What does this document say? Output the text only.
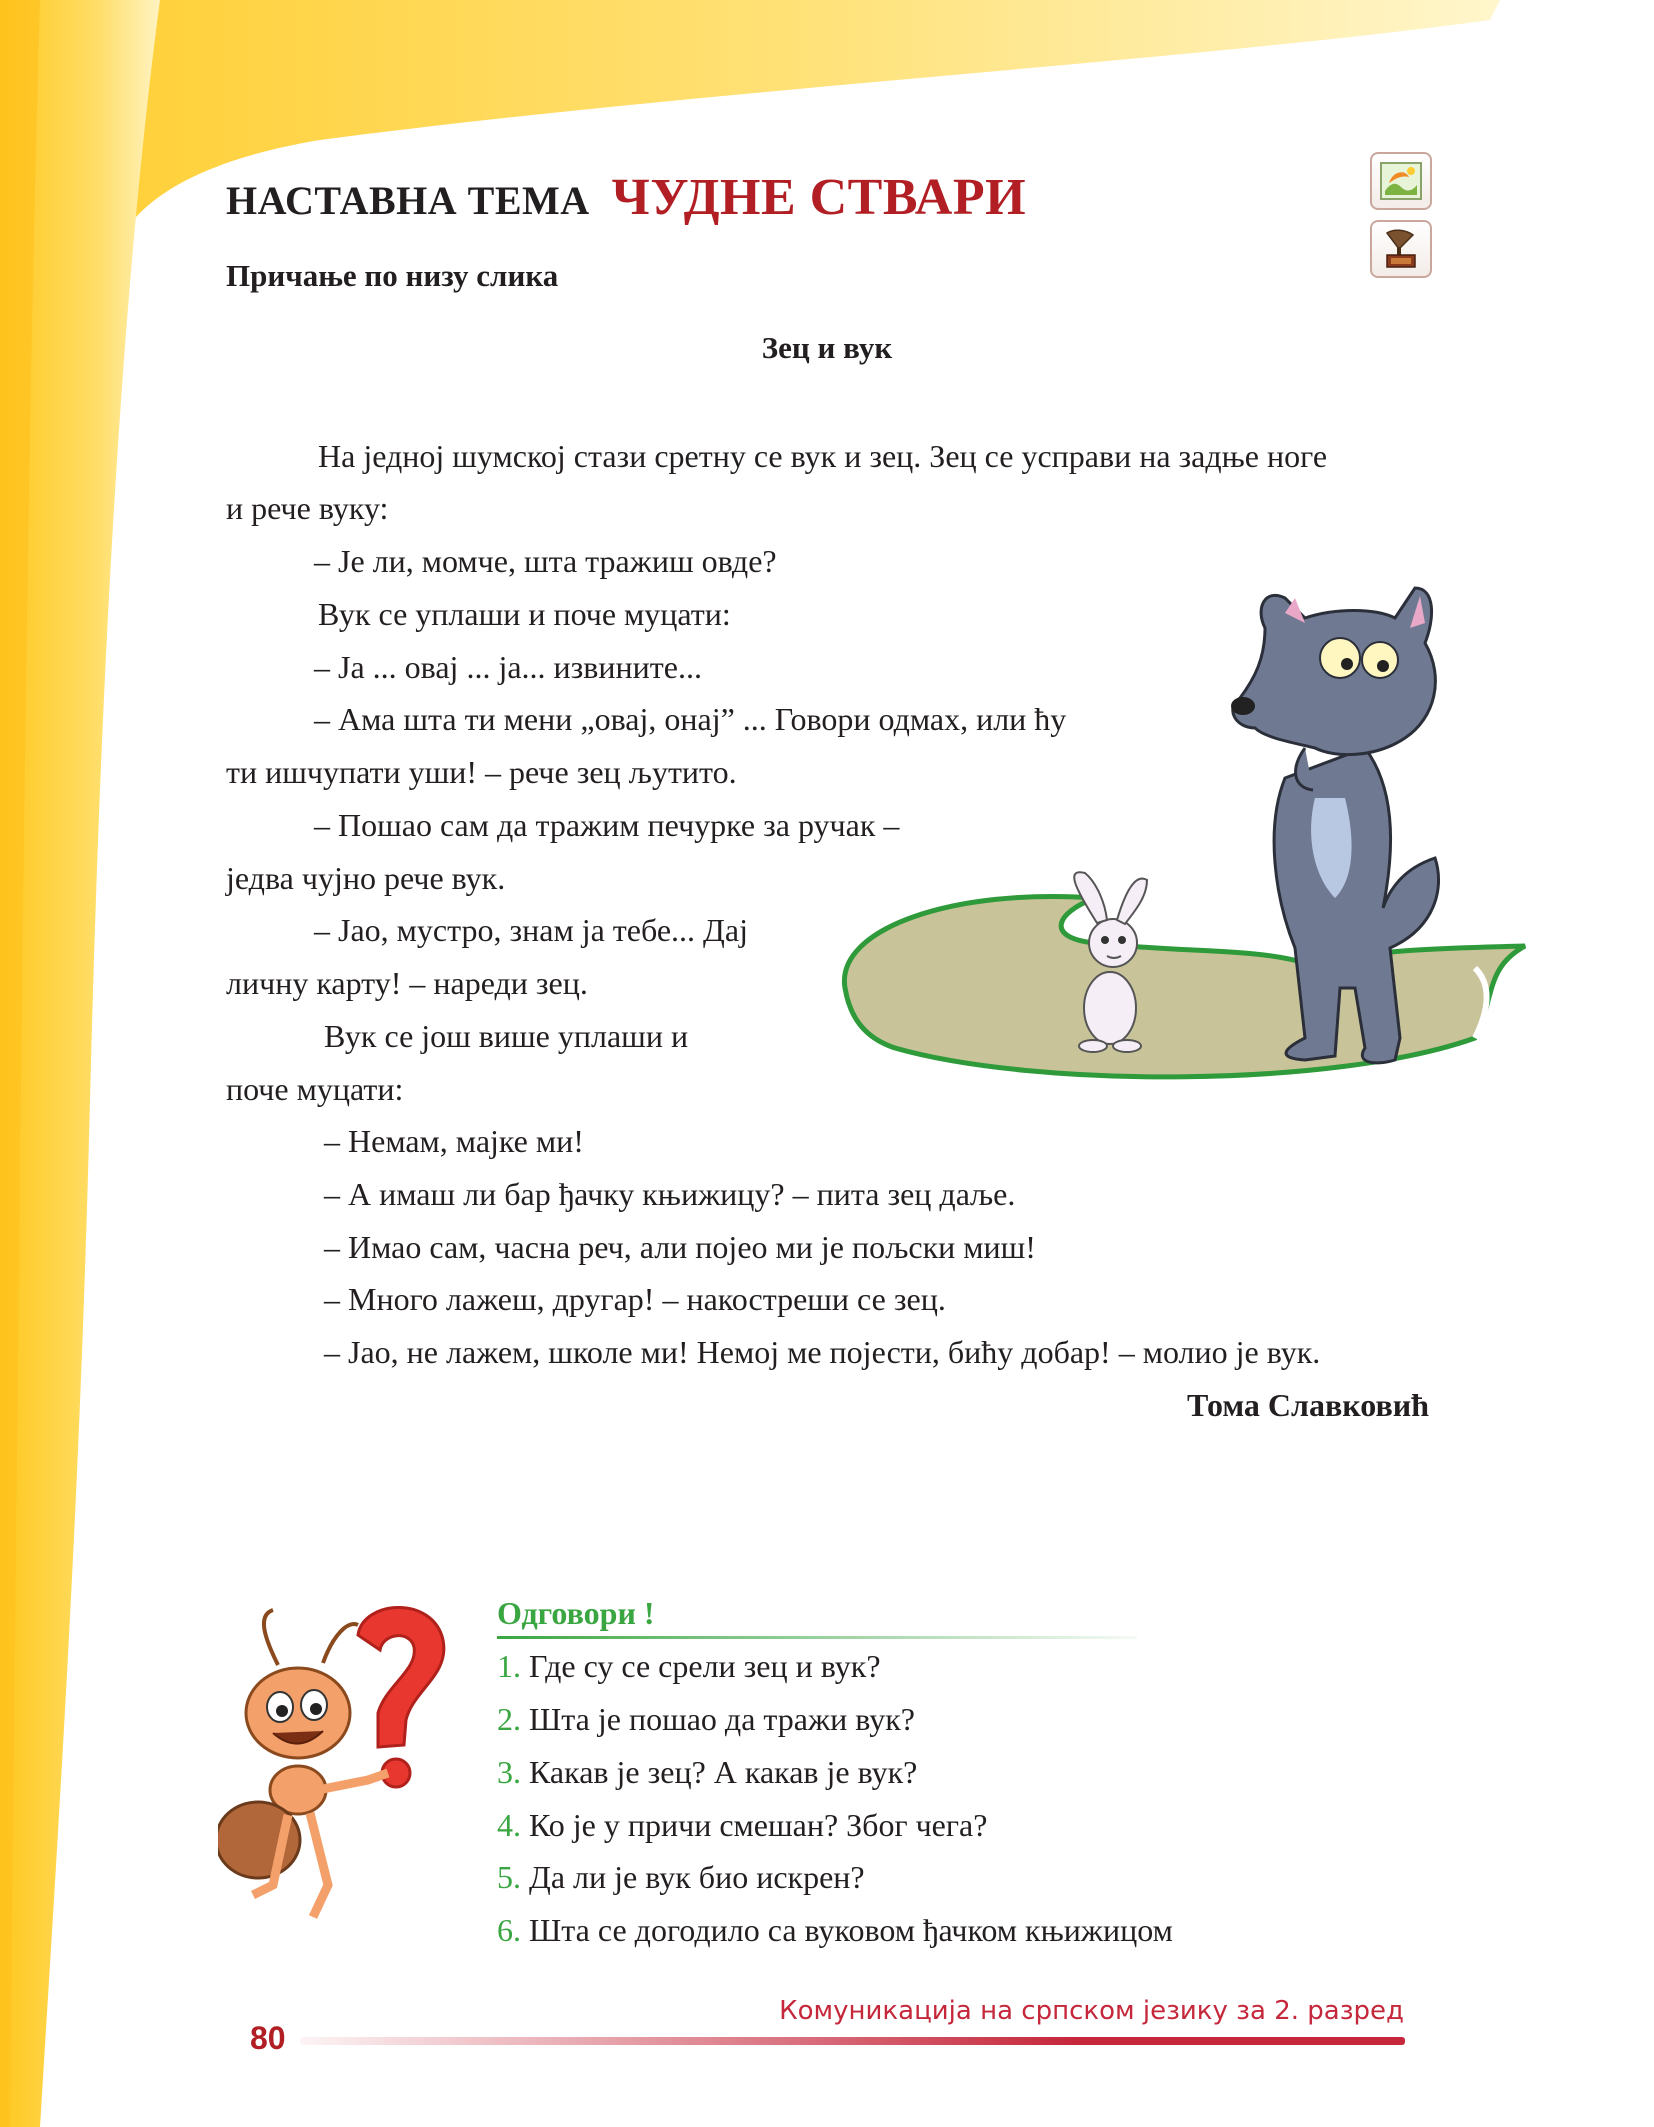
НАСТАВНА ТЕМА ЧУДНЕ СТВАРИ
Причање по низу слика
Зец и вук
На једној шумској стази сретну се вук и зец. Зец се усправи на задње ноге
и рече вуку:
– Је ли, момче, шта тражиш овде?
Вук се уплаши и поче муцати:
– Ја ... овај ... ја... извините...
– Ама шта ти мени „овај, онај” ... Говори одмах, или ћу
ти ишчупати уши! – рече зец љутито.
– Пошао сам да тражим печурке за ручак –
једва чујно рече вук.
– Јао, мустро, знам ја тебе... Дај
личну карту! – нареди зец.
Вук се још више уплаши и
поче муцати:
– Немам, мајке ми!
– А имаш ли бар ђачку књижицу? – пита зец даље.
– Имао сам, часна реч, али појео ми је пољски миш!
– Много лажеш, другар! – накостреши се зец.
– Јао, не лажем, школе ми! Немој ме појести, бићу добар! – молио је вук.
Тома Славковић
Одговори !
1. Где су се срели зец и вук?
2. Шта је пошао да тражи вук?
3. Какав је зец? А какав је вук?
4. Ко је у причи смешан? Због чега?
5. Да ли је вук био искрен?
6. Шта се догодило са вуковом ђачком књижицом
80
Комуникација на српском језику за 2. разред
